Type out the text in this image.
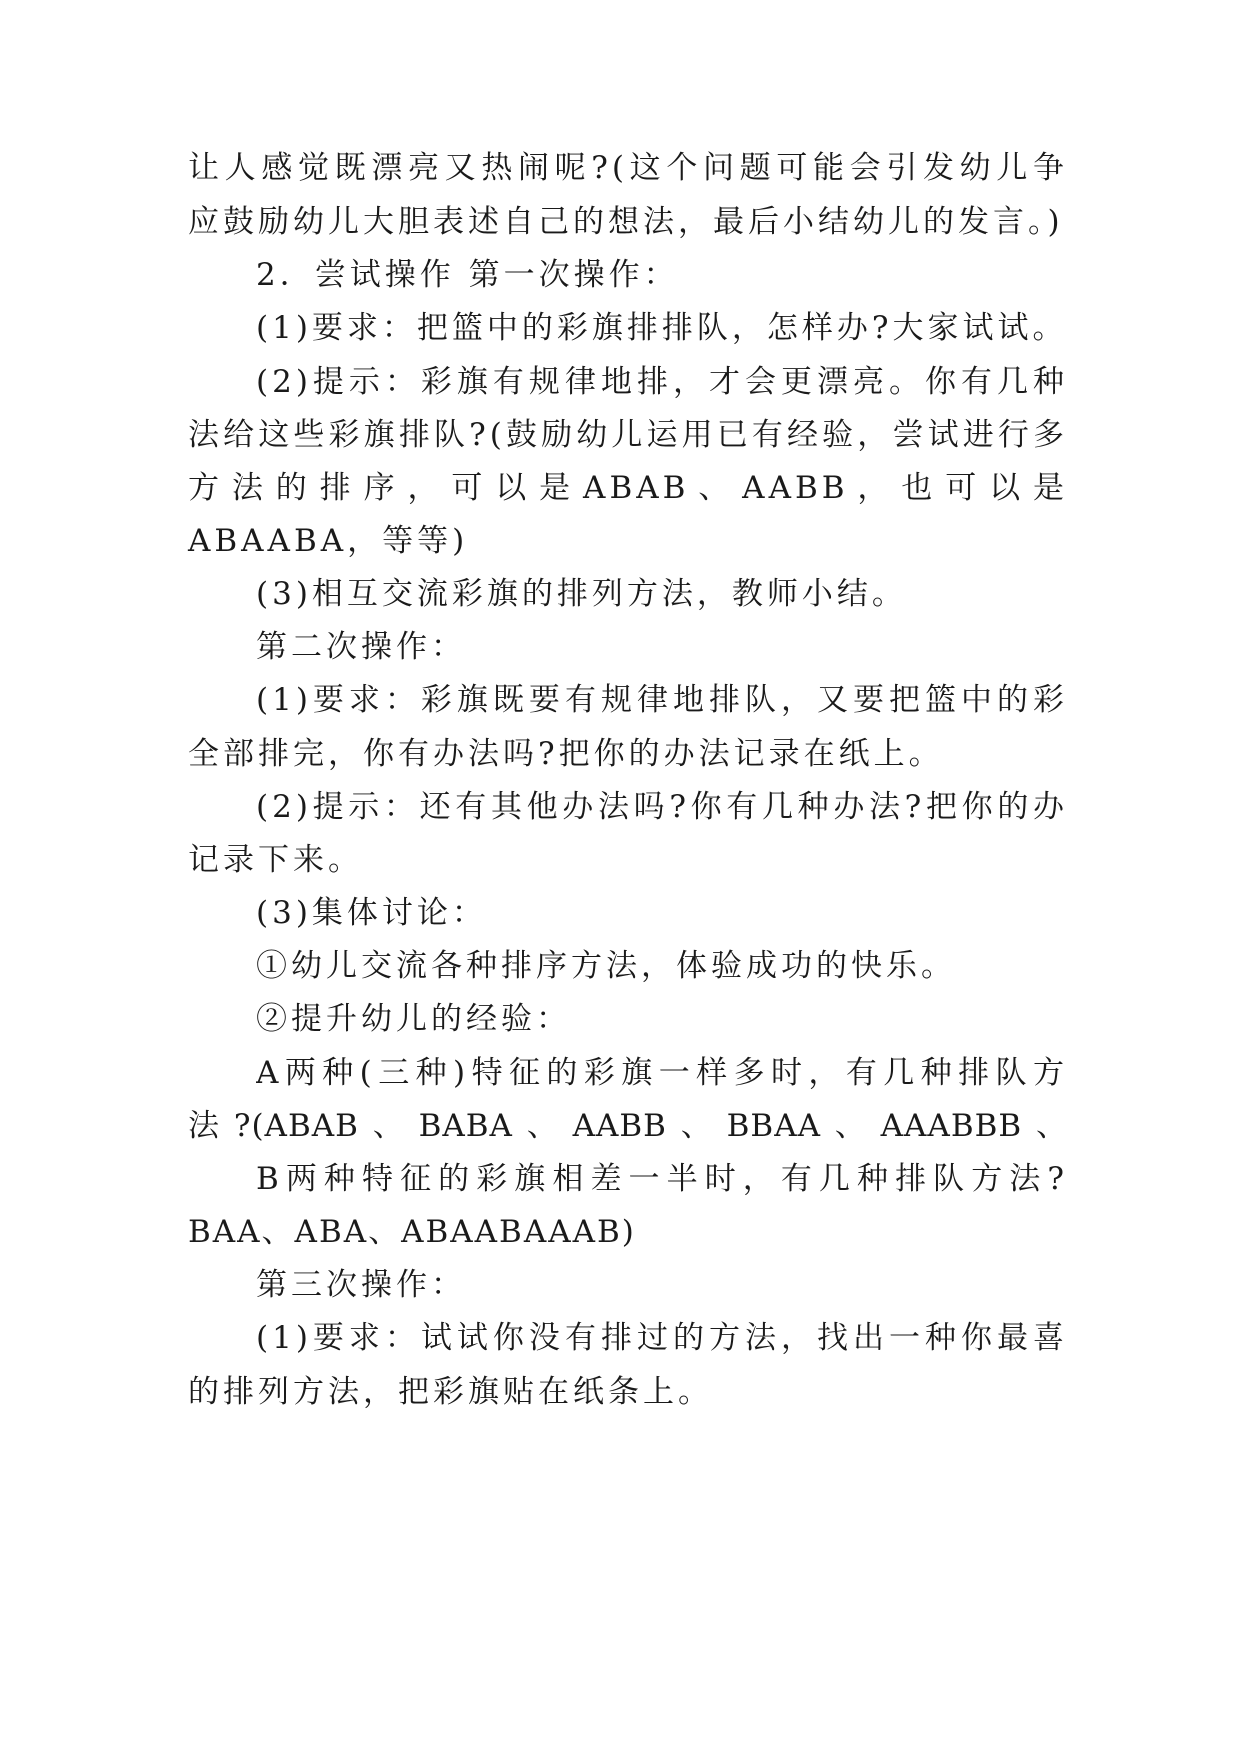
让人感觉既漂亮又热闹呢?(这个问题可能会引发幼儿争
应鼓励幼儿大胆表述自己的想法，最后小结幼儿的发言。)
2．尝试操作 第一次操作：
(1)要求：把篮中的彩旗排排队，怎样办?大家试试。
(2)提示：彩旗有规律地排，才会更漂亮。你有几种
法给这些彩旗排队?(鼓励幼儿运用已有经验，尝试进行多
方法的排序，可以是ABAB、AABB，也可以是
ABAABA，等等)
(3)相互交流彩旗的排列方法，教师小结。
第二次操作：
(1)要求：彩旗既要有规律地排队，又要把篮中的彩
全部排完，你有办法吗?把你的办法记录在纸上。
(2)提示：还有其他办法吗?你有几种办法?把你的办
记录下来。
(3)集体讨论：
①幼儿交流各种排序方法，体验成功的快乐。
②提升幼儿的经验：
A两种(三种)特征的彩旗一样多时，有几种排队方
法?(ABAB、BABA、AABB、BBAA、AAABBB、
B两种特征的彩旗相差一半时，有几种排队方法?
BAA、ABA、ABAABAAAB)
第三次操作：
(1)要求：试试你没有排过的方法，找出一种你最喜
的排列方法，把彩旗贴在纸条上。
